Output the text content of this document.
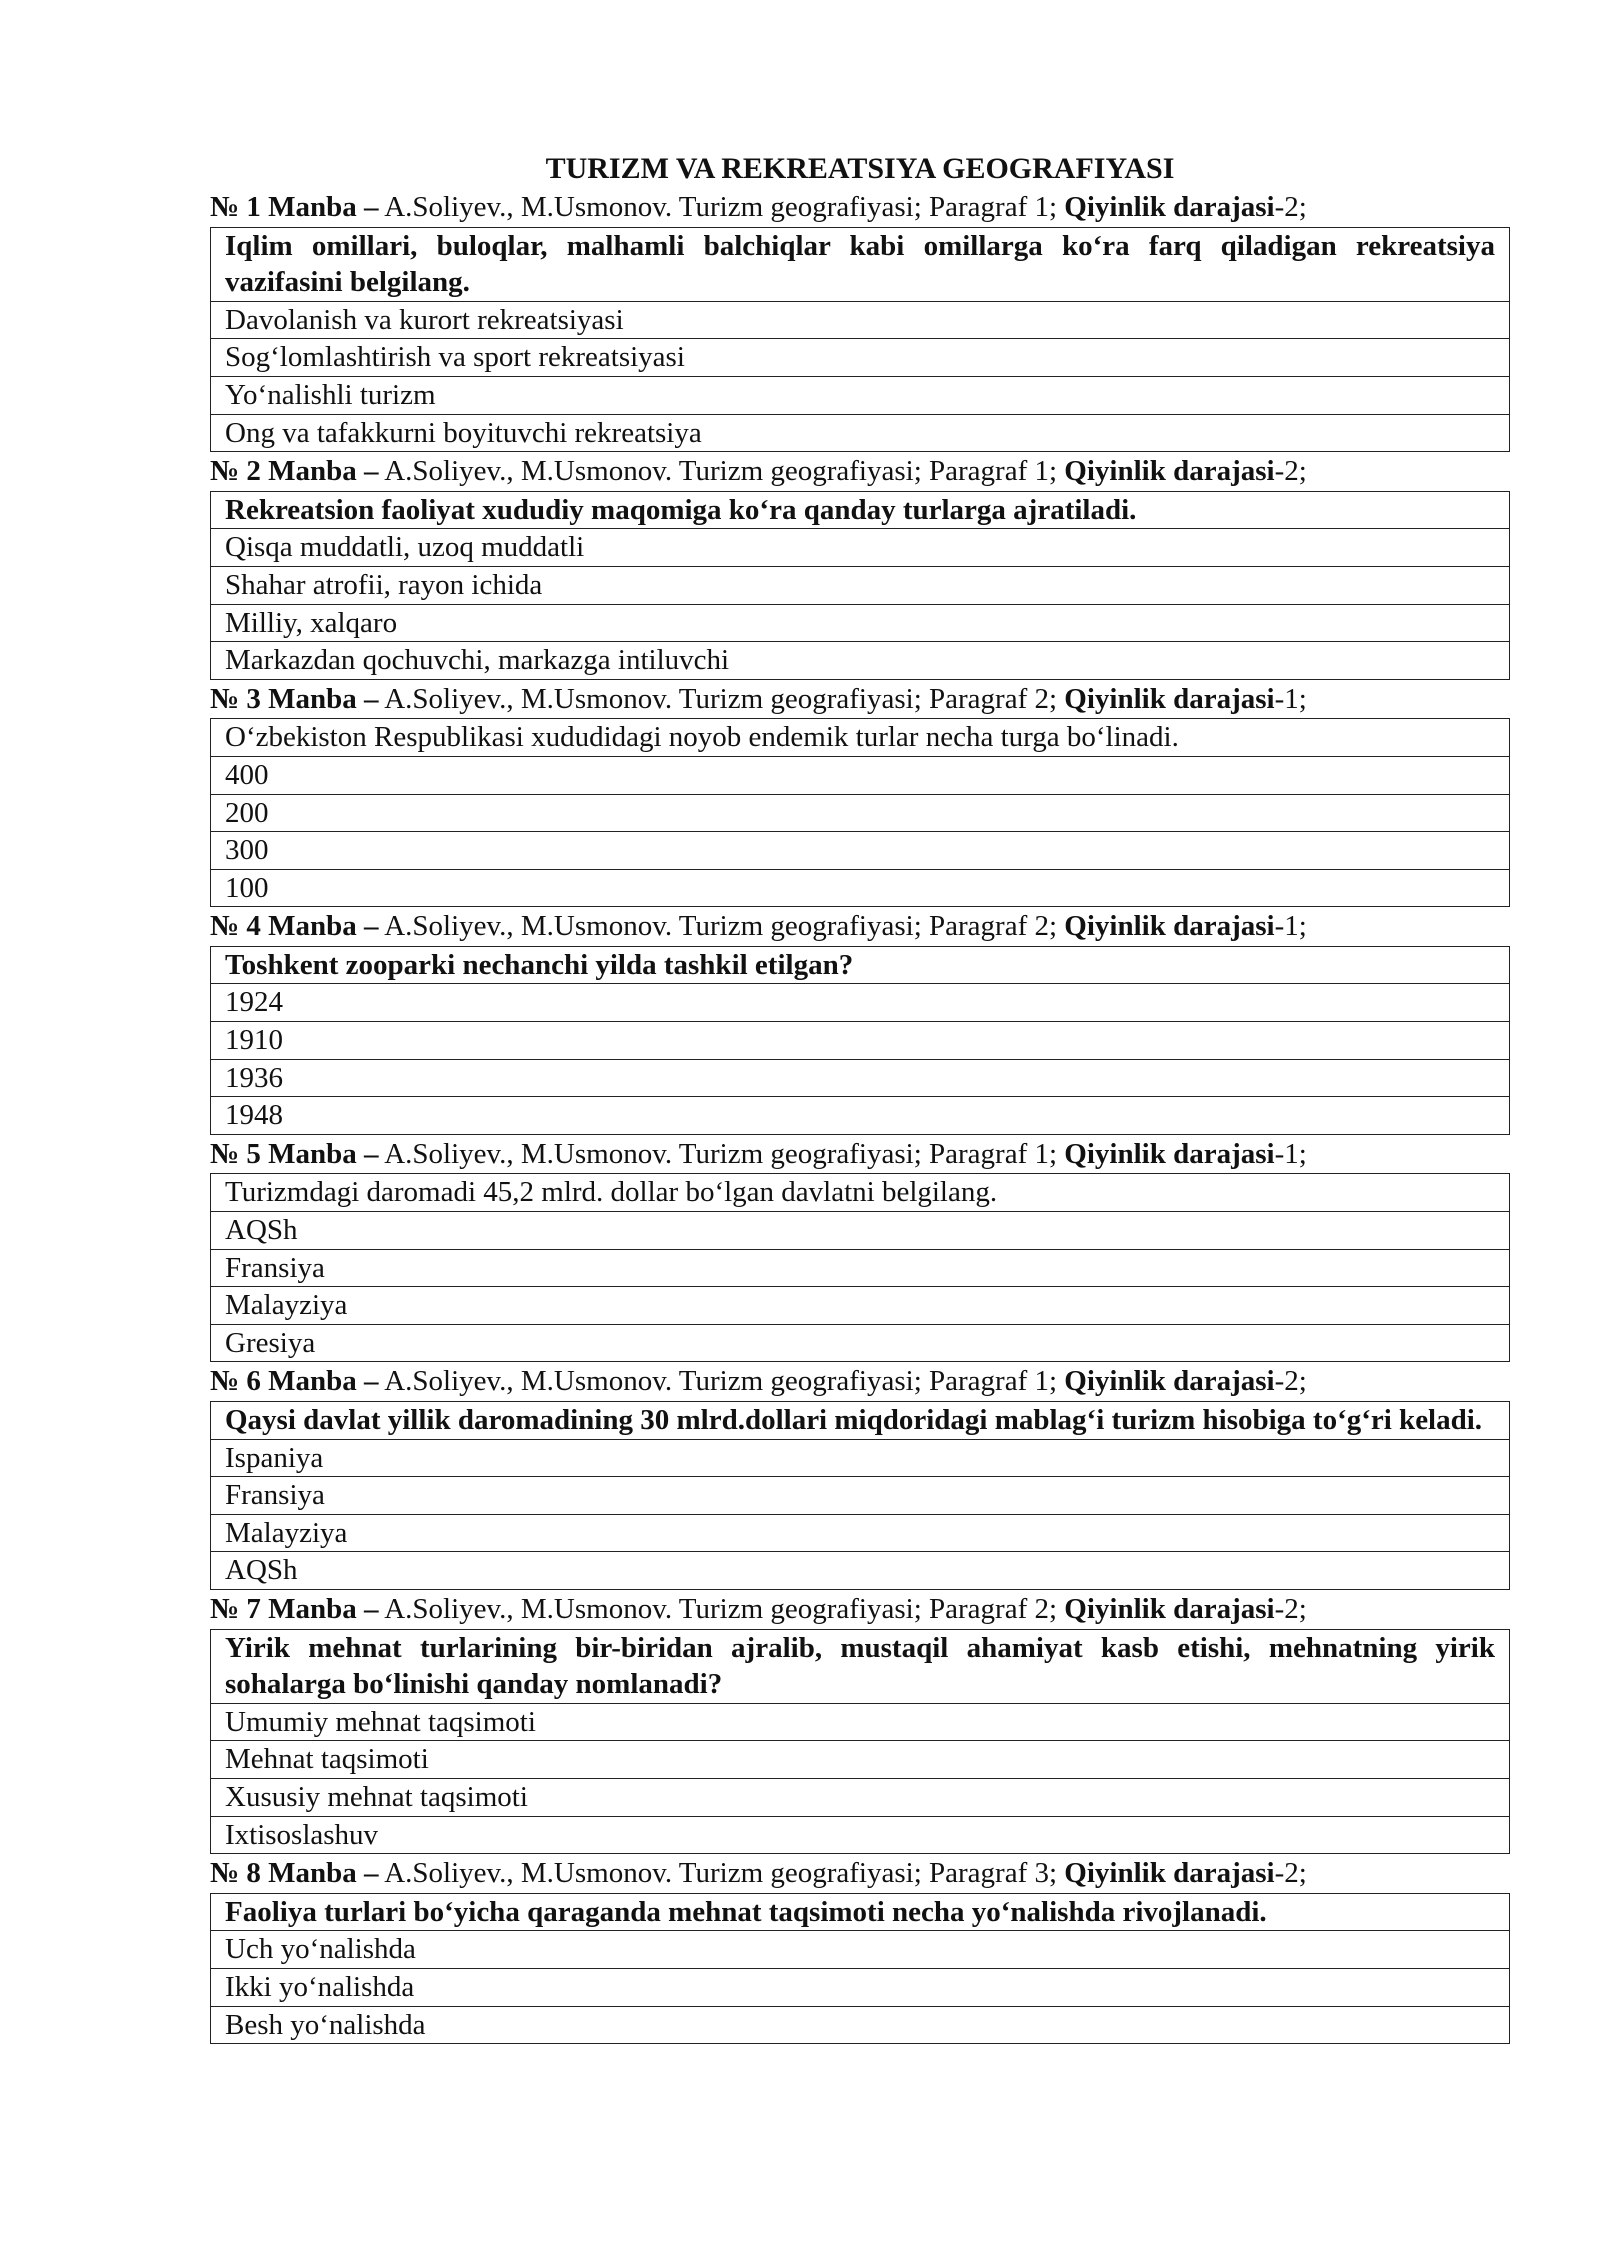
TURIZM VA REKREATSIYA GEOGRAFIYASI
№ 1 Manba – A.Soliyev., M.Usmonov. Turizm geografiyasi; Paragraf 1; Qiyinlik darajasi-2;
Iqlim omillari, buloqlar, malhamli balchiqlar kabi omillarga ko‘ra farq qiladigan rekreatsiya vazifasini belgilang.
Davolanish va kurort rekreatsiyasi
Sog‘lomlashtirish va sport rekreatsiyasi
Yo‘nalishli turizm
Ong va tafakkurni boyituvchi rekreatsiya
№ 2 Manba – A.Soliyev., M.Usmonov. Turizm geografiyasi; Paragraf 1; Qiyinlik darajasi-2;
Rekreatsion faoliyat xududiy maqomiga ko‘ra qanday turlarga ajratiladi.
Qisqa muddatli, uzoq muddatli
Shahar atrofii, rayon ichida
Milliy, xalqaro
Markazdan qochuvchi, markazga intiluvchi
№ 3 Manba – A.Soliyev., M.Usmonov. Turizm geografiyasi; Paragraf 2; Qiyinlik darajasi-1;
O‘zbekiston Respublikasi xududidagi noyob endemik turlar necha turga bo‘linadi.
400
200
300
100
№ 4 Manba – A.Soliyev., M.Usmonov. Turizm geografiyasi; Paragraf 2; Qiyinlik darajasi-1;
Toshkent zooparki nechanchi yilda tashkil etilgan?
1924
1910
1936
1948
№ 5 Manba – A.Soliyev., M.Usmonov. Turizm geografiyasi; Paragraf 1; Qiyinlik darajasi-1;
Turizmdagi daromadi 45,2 mlrd. dollar bo‘lgan davlatni belgilang.
AQSh
Fransiya
Malayziya
Gresiya
№ 6 Manba – A.Soliyev., M.Usmonov. Turizm geografiyasi; Paragraf 1; Qiyinlik darajasi-2;
Qaysi davlat yillik daromadining 30 mlrd.dollari miqdoridagi mablag‘i turizm hisobiga to‘g‘ri keladi.
Ispaniya
Fransiya
Malayziya
AQSh
№ 7 Manba – A.Soliyev., M.Usmonov. Turizm geografiyasi; Paragraf 2; Qiyinlik darajasi-2;
Yirik mehnat turlarining bir-biridan ajralib, mustaqil ahamiyat kasb etishi, mehnatning yirik sohalarga bo‘linishi qanday nomlanadi?
Umumiy mehnat taqsimoti
Mehnat taqsimoti
Xususiy mehnat taqsimoti
Ixtisoslashuv
№ 8 Manba – A.Soliyev., M.Usmonov. Turizm geografiyasi; Paragraf 3; Qiyinlik darajasi-2;
Faoliya turlari bo‘yicha qaraganda mehnat taqsimoti necha yo‘nalishda rivojlanadi.
Uch yo‘nalishda
Ikki yo‘nalishda
Besh yo‘nalishda
